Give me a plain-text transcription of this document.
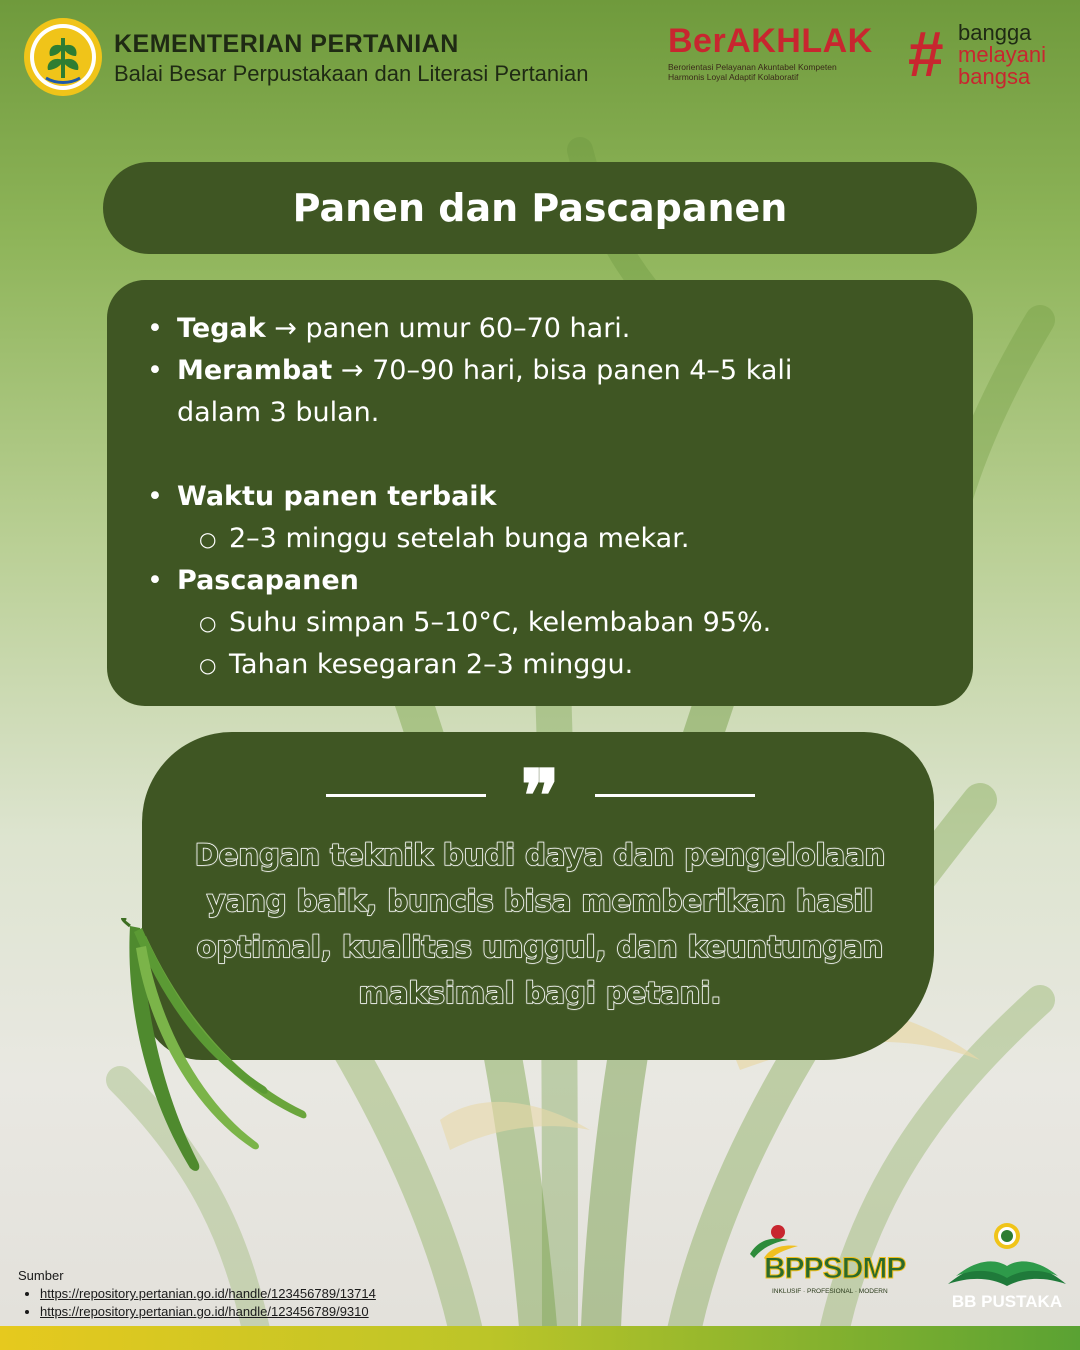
KEMENTERIAN PERTANIAN
Balai Besar Perpustakaan dan Literasi Pertanian
BerAKHLAK
Berorientasi Pelayanan Akuntabel Kompeten
Harmonis Loyal Adaptif Kolaboratif	# bangga
melayani
bangsa
Panen dan Pascapanen
• Tegak → panen umur 60–70 hari.
• Merambat → 70–90 hari, bisa panen 4–5 kali
dalam 3 bulan.
• Waktu panen terbaik
○ 2–3 minggu setelah bunga mekar.
• Pascapanen
○ Suhu simpan 5–10°C, kelembaban 95%.
○ Tahan kesegaran 2–3 minggu.
❞
Dengan teknik budi daya dan pengelolaan
yang baik, buncis bisa memberikan hasil
optimal, kualitas unggul, dan keuntungan
maksimal bagi petani.
Sumber
• https://repository.pertanian.go.id/handle/123456789/13714
• https://repository.pertanian.go.id/handle/123456789/9310
BPPSDMP
INKLUSIF · PROFESIONAL · MODERN
BB PUSTAKA
